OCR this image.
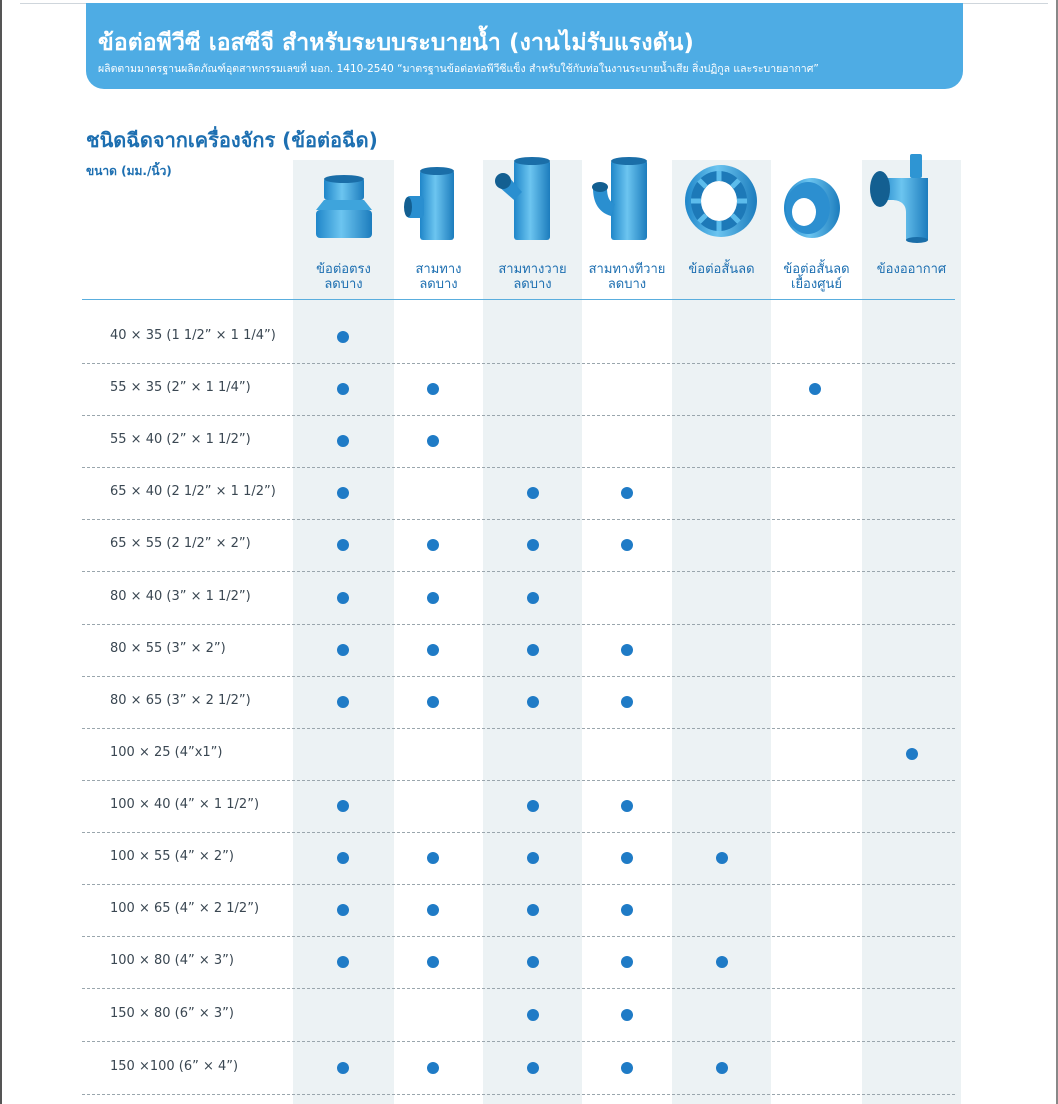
ข้อต่อพีวีซี เอสซีจี สำหรับระบบระบายน้ำ (งานไม่รับแรงดัน)
ผลิตตามมาตรฐานผลิตภัณฑ์อุตสาหกรรมเลขที่ มอก. 1410-2540 “มาตรฐานข้อต่อท่อพีวีซีแข็ง สำหรับใช้กับท่อในงานระบายน้ำเสีย สิ่งปฏิกูล และระบายอากาศ”
ชนิดฉีดจากเครื่องจักร (ข้อต่อฉีด)
ขนาด (มม./นิ้ว)
ข้อต่อตรง
ลดบาง
สามทาง
ลดบาง
สามทางวาย
ลดบาง
สามทางทีวาย
ลดบาง
ข้อต่อสั้นลด	ข้อต่อสั้นลด
เยื้องศูนย์
ข้องออากาศ
40 × 35 (1 1/2” × 1 1/4”)
55 × 35 (2” × 1 1/4”)
55 × 40 (2” × 1 1/2”)
65 × 40 (2 1/2” × 1 1/2”)
65 × 55 (2 1/2” × 2”)
80 × 40 (3” × 1 1/2”)
80 × 55 (3” × 2”)
80 × 65 (3” × 2 1/2”)
100 × 25 (4”x1”)
100 × 40 (4” × 1 1/2”)
100 × 55 (4” × 2”)
100 × 65 (4” × 2 1/2”)
100 × 80 (4” × 3”)
150 × 80 (6” × 3”)
150 ×100 (6” × 4”)
